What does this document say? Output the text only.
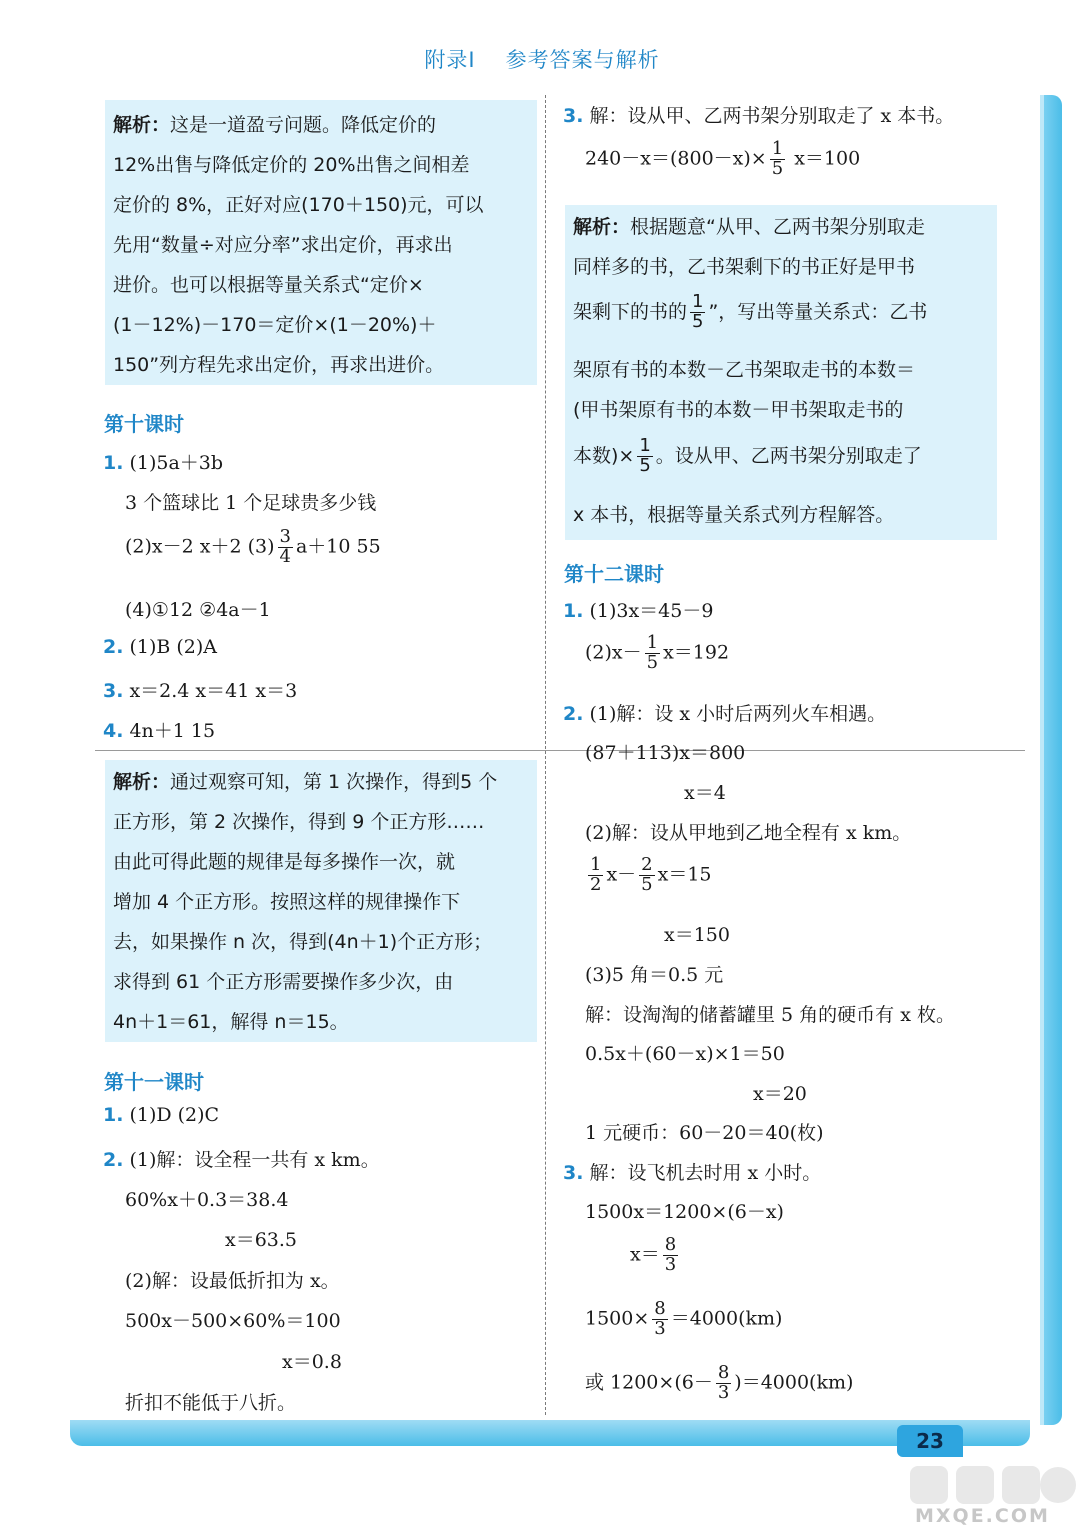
附录Ⅰ 参考答案与解析
解析：这是一道盈亏问题。降低定价的
12%出售与降低定价的 20%出售之间相差
定价的 8%，正好对应(170＋150)元，可以
先用“数量÷对应分率”求出定价，再求出
进价。也可以根据等量关系式“定价×
(1－12%)－170＝定价×(1－20%)＋
150”列方程先求出定价，再求出进价。
第十课时
1. (1)5a＋3b
3 个篮球比 1 个足球贵多少钱
(2)x－2 x＋2 $(3) \frac{3}{4} a+10$ 55
(4)①12 ②4a－1
2. (1)B (2)A
3. x＝2.4 x＝41 x＝3
4. 4n＋1 15
解析：通过观察可知，第 1 次操作，得到5 个
正方形，第 2 次操作，得到 9 个正方形……
由此可得此题的规律是每多操作一次，就
增加 4 个正方形。按照这样的规律操作下
去，如果操作 n 次，得到(4n＋1)个正方形；
求得到 61 个正方形需要操作多少次，由
4n＋1＝61，解得 n＝15。
第十一课时
1. (1)D (2)C
2. (1)解：设全程一共有 x km。
60%x＋0.3＝38.4
x＝63.5
(2)解：设最低折扣为 x。
500x－500×60%＝100
x＝0.8
折扣不能低于八折。
3. 解：设从甲、乙两书架分别取走了 x 本书。
$240-x=(800-x)\times \frac{1}{5} x=100$
解析：根据题意“从甲、乙两书架分别取走
同样多的书，乙书架剩下的书正好是甲书
架剩下的书的 $\frac{1}{5}$ ”，写出等量关系式：乙书
架原有书的本数－乙书架取走书的本数＝
(甲书架原有书的本数－甲书架取走书的
本数)× $\frac{1}{5}$ 。设从甲、乙两书架分别取走了
x 本书，根据等量关系式列方程解答。
第十二课时
1. (1)3x＝45－9
$(2)x- \frac{1}{5} x=192$
2. (1)解：设 x 小时后两列火车相遇。
(87＋113)x＝800
x＝4
(2)解：设从甲地到乙地全程有 x km。
$\frac{1}{2} x- \frac{2}{5} x=15$
x＝150
(3)5 角＝0.5 元
解：设淘淘的储蓄罐里 5 角的硬币有 x 枚。
0.5x＋(60－x)×1＝50
x＝20
1 元硬币：60－20＝40(枚)
3. 解：设飞机去时用 x 小时。
1500x＝1200×(6－x)
$x= \frac{8}{3}$
$1500\times \frac{8}{3} =4000(km)$
或 $1200\times(6- \frac{8}{3} )=4000(km)$
23
MXQE.COM
